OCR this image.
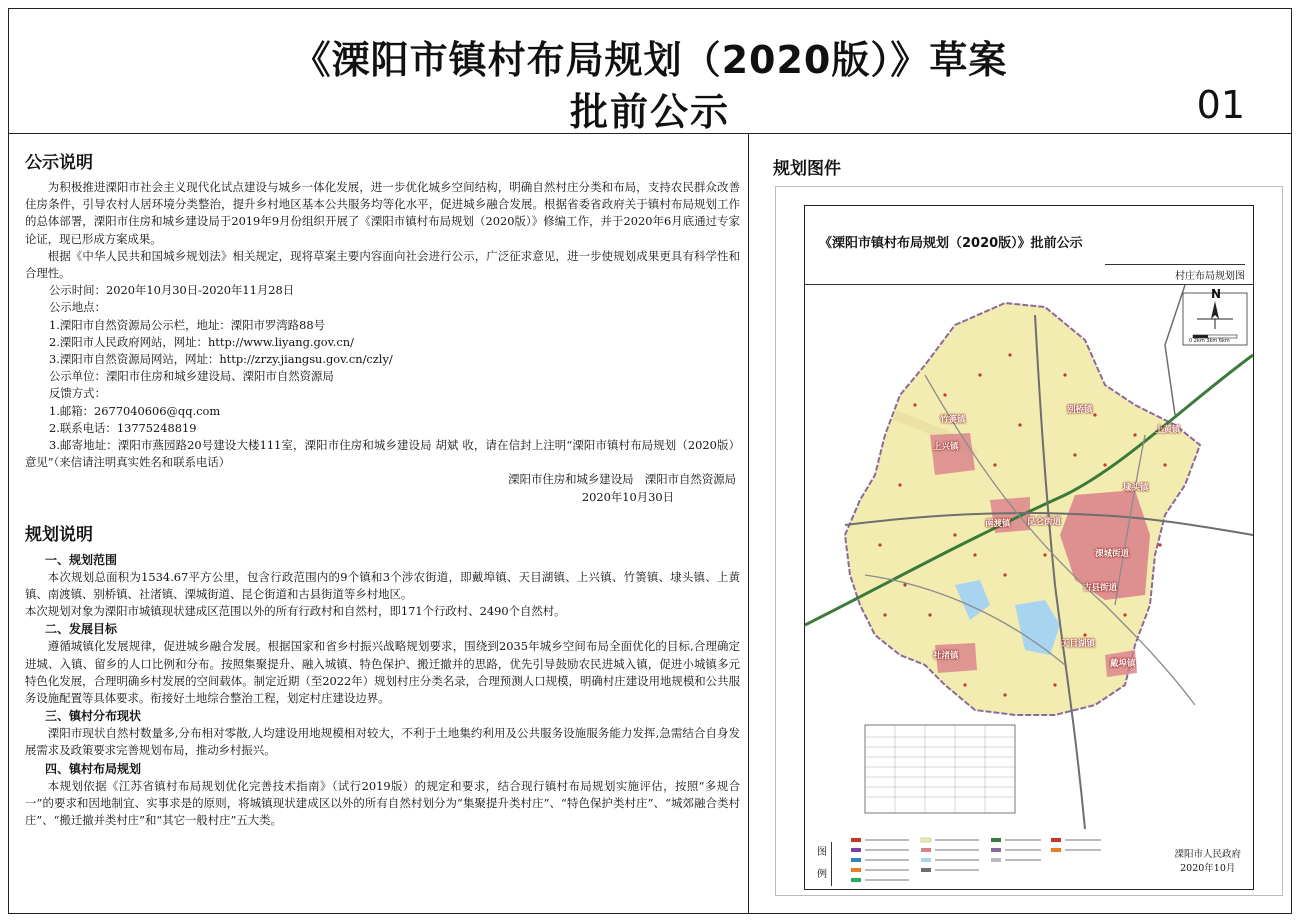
《溧阳市镇村布局规划（2020版）》草案
批前公示	01
公示说明
为积极推进溧阳市社会主义现代化试点建设与城乡一体化发展，进一步优化城乡空间结构，明确自然村庄分类和布局，支持农民群众改善住房条件，引导农村人居环境分类整治，提升乡村地区基本公共服务均等化水平，促进城乡融合发展。根据省委省政府关于镇村布局规划工作的总体部署，溧阳市住房和城乡建设局于2019年9月份组织开展了《溧阳市镇村布局规划（2020版）》修编工作，并于2020年6月底通过专家论证，现已形成方案成果。
根据《中华人民共和国城乡规划法》相关规定，现将草案主要内容面向社会进行公示，广泛征求意见，进一步使规划成果更具有科学性和合理性。
公示时间：2020年10月30日-2020年11月28日
公示地点：
1.溧阳市自然资源局公示栏，地址：溧阳市罗湾路88号
2.溧阳市人民政府网站，网址：http://www.liyang.gov.cn/
3.溧阳市自然资源局网站，网址：http://zrzy.jiangsu.gov.cn/czly/
公示单位：溧阳市住房和城乡建设局、溧阳市自然资源局
反馈方式：
1.邮箱：2677040606@qq.com
2.联系电话：13775248819
3.邮寄地址：溧阳市燕园路20号建设大楼111室，溧阳市住房和城乡建设局 胡斌 收，请在信封上注明“溧阳市镇村布局规划（2020版）意见”（来信请注明真实姓名和联系电话）
溧阳市住房和城乡建设局　溧阳市自然资源局
2020年10月30日
规划说明
一、规划范围
本次规划总面积为1534.67平方公里，包含行政范围内的9个镇和3个涉农街道，即戴埠镇、天目湖镇、上兴镇、竹箦镇、埭头镇、上黄镇、南渡镇、别桥镇、社渚镇、溧城街道、昆仑街道和古县街道等乡村地区。
本次规划对象为溧阳市城镇现状建成区范围以外的所有行政村和自然村，即171个行政村、2490个自然村。
二、发展目标
遵循城镇化发展规律，促进城乡融合发展。根据国家和省乡村振兴战略规划要求，围绕到2035年城乡空间布局全面优化的目标,合理确定进城、入镇、留乡的人口比例和分布。按照集聚提升、融入城镇、特色保护、搬迁撤并的思路，优先引导鼓励农民进城入镇，促进小城镇多元特色化发展，合理明确乡村发展的空间载体。制定近期（至2022年）规划村庄分类名录，合理预测人口规模，明确村庄建设用地规模和公共服务设施配置等具体要求。衔接好土地综合整治工程，划定村庄建设边界。
三、镇村分布现状
溧阳市现状自然村数量多,分布相对零散,人均建设用地规模相对较大，不利于土地集约利用及公共服务设施服务能力发挥,急需结合自身发展需求及政策要求完善规划布局，推动乡村振兴。
四、镇村布局规划
本规划依据《江苏省镇村布局规划优化完善技术指南》（试行2019版）的规定和要求，结合现行镇村布局规划实施评估，按照“多规合一”的要求和因地制宜、实事求是的原则，将城镇现状建成区以外的所有自然村划分为“集聚提升类村庄”、“特色保护类村庄”、“城郊融合类村庄”、“搬迁撤并类村庄”和“其它一般村庄”五大类。
规划图件
《溧阳市镇村布局规划（2020版）》批前公示
村庄布局规划图
N
0 2km 3km 6km
竹箦镇
别桥镇
上兴镇
上黄镇
埭头镇
南渡镇 昆仑街道
溧城街道
古县街道
天目湖镇
社渚镇
戴埠镇
图例
溧阳市人民政府
2020年10月
